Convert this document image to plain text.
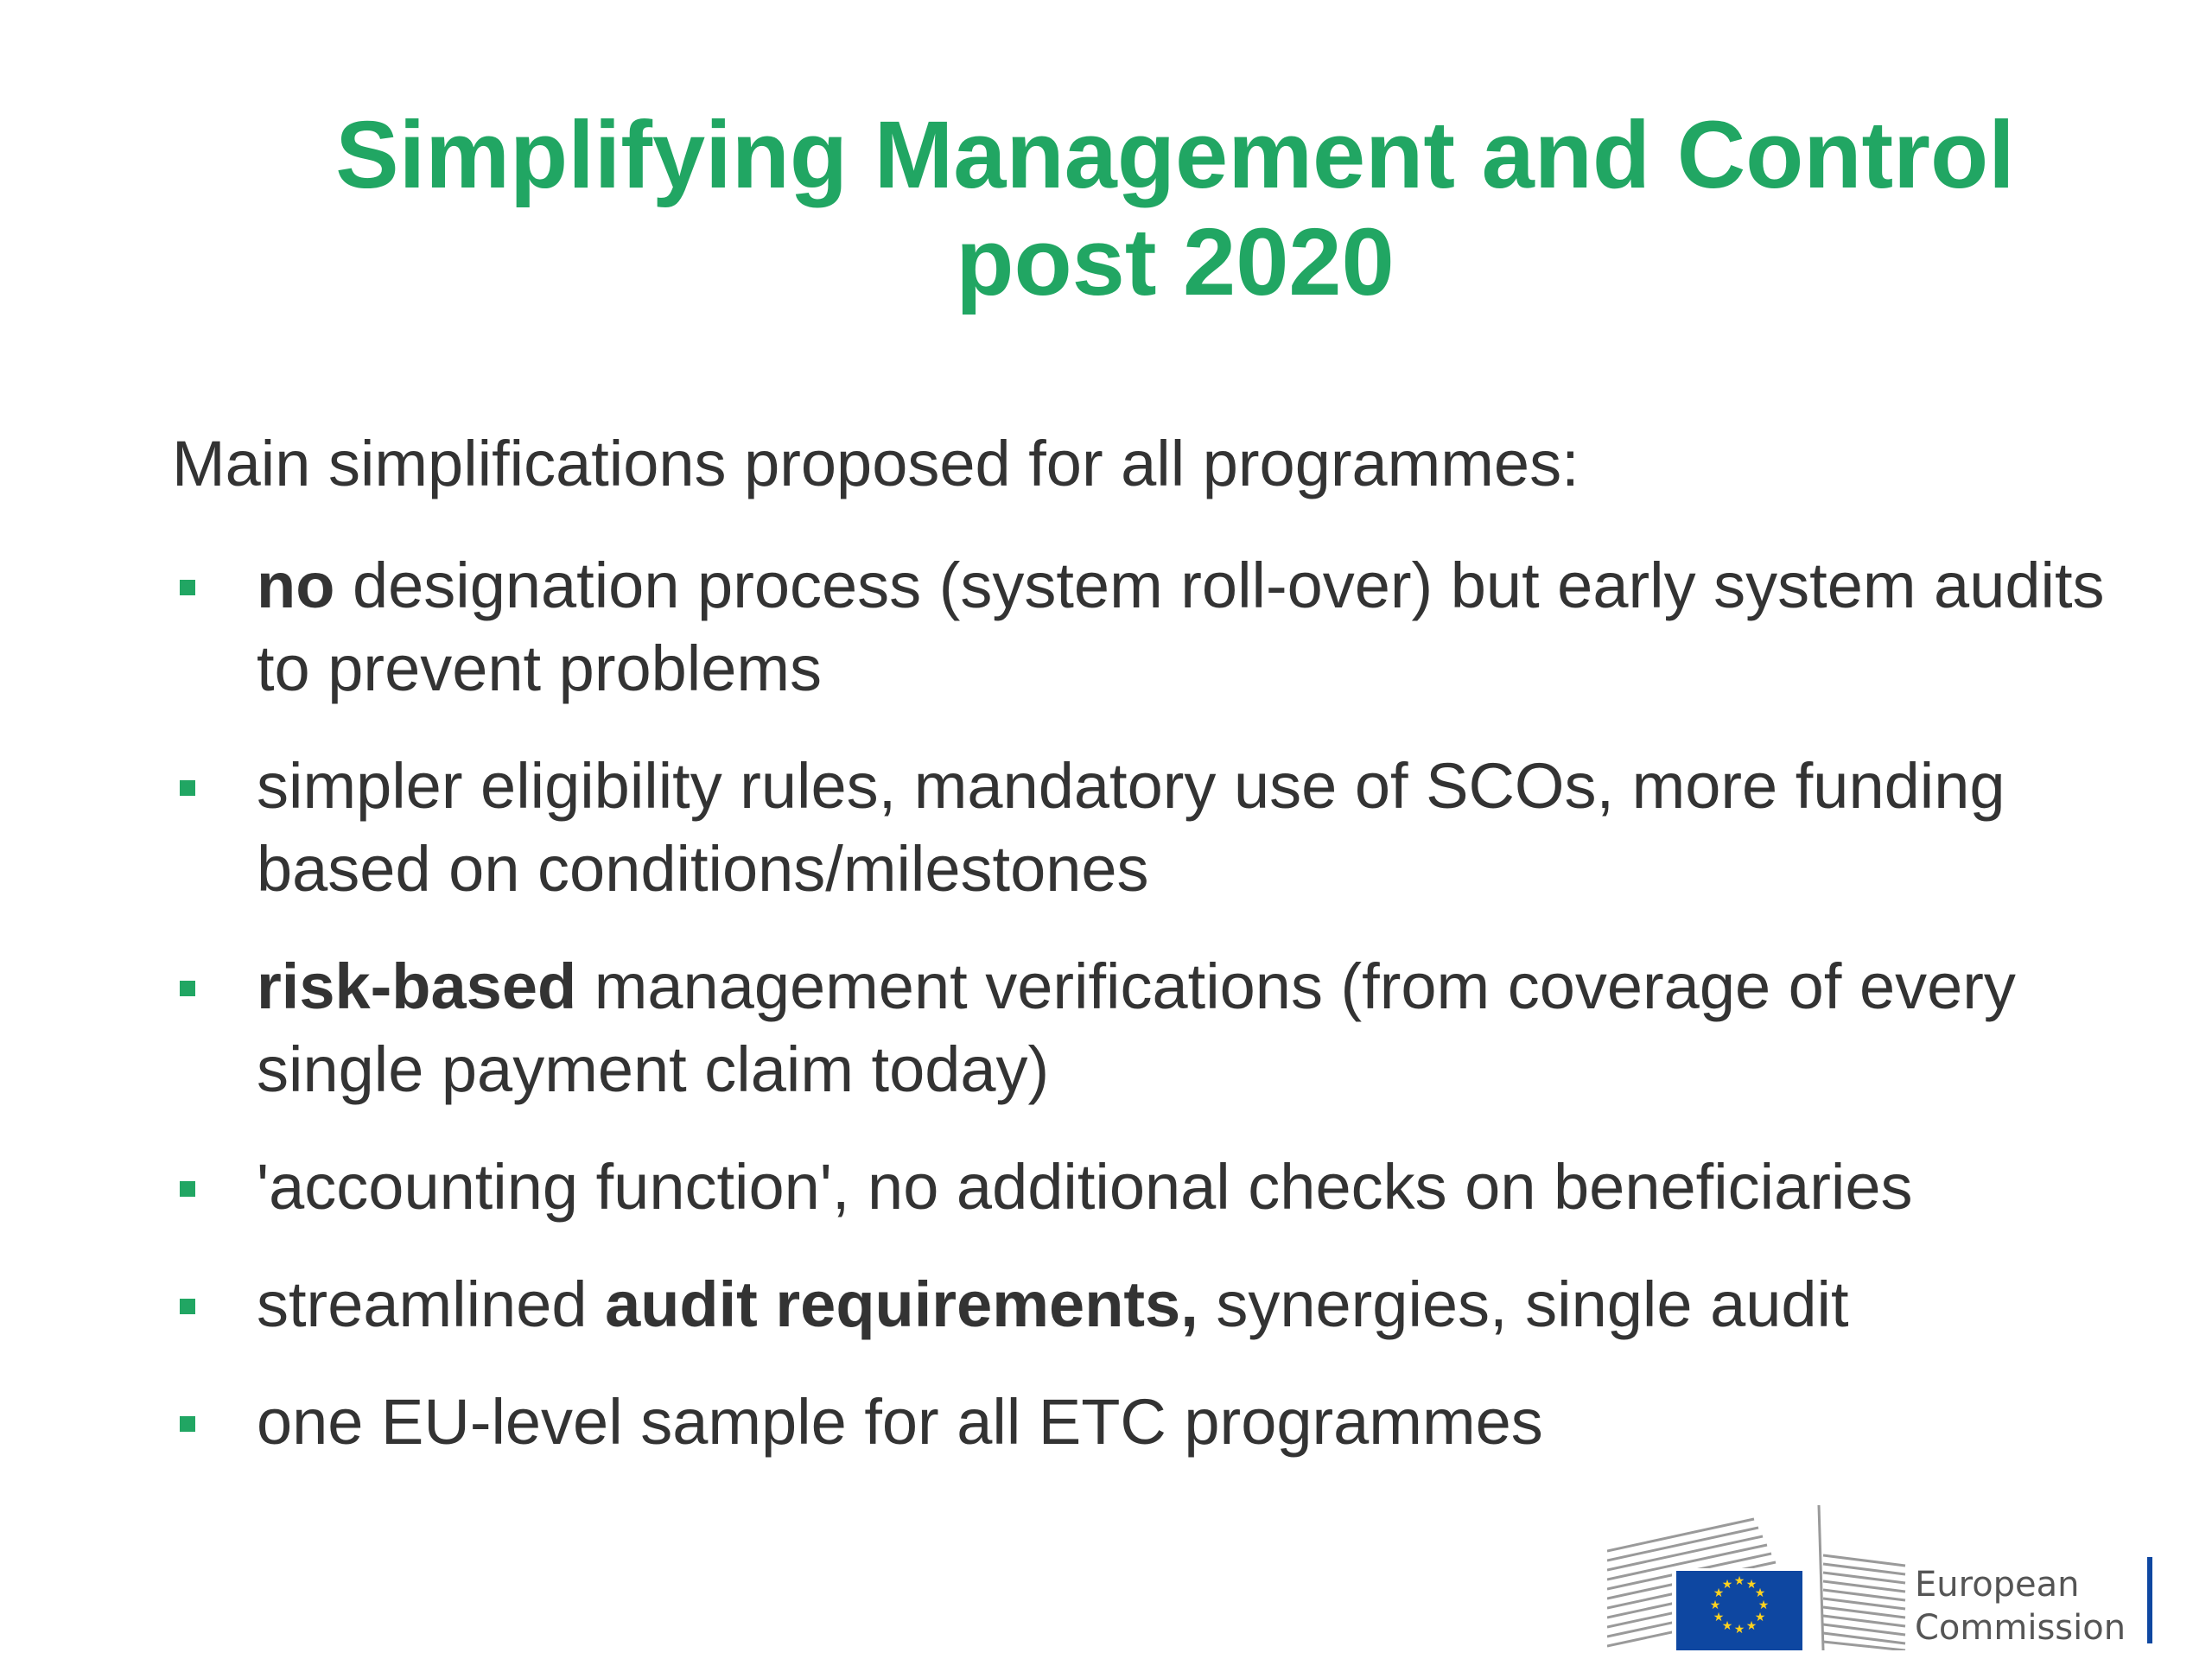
Simplifying Management and Control
post 2020
Main simplifications proposed for all programmes:
no designation process (system roll-over) but early system audits to prevent problems
simpler eligibility rules, mandatory use of SCOs, more funding based on conditions/milestones
risk-based management verifications (from coverage of every single payment claim today)
'accounting function', no additional checks on beneficiaries
streamlined audit requirements, synergies, single audit
one EU-level sample for all ETC programmes
★ ★
★
★
★
★
★
★
★
★
★
★	European
Commission
